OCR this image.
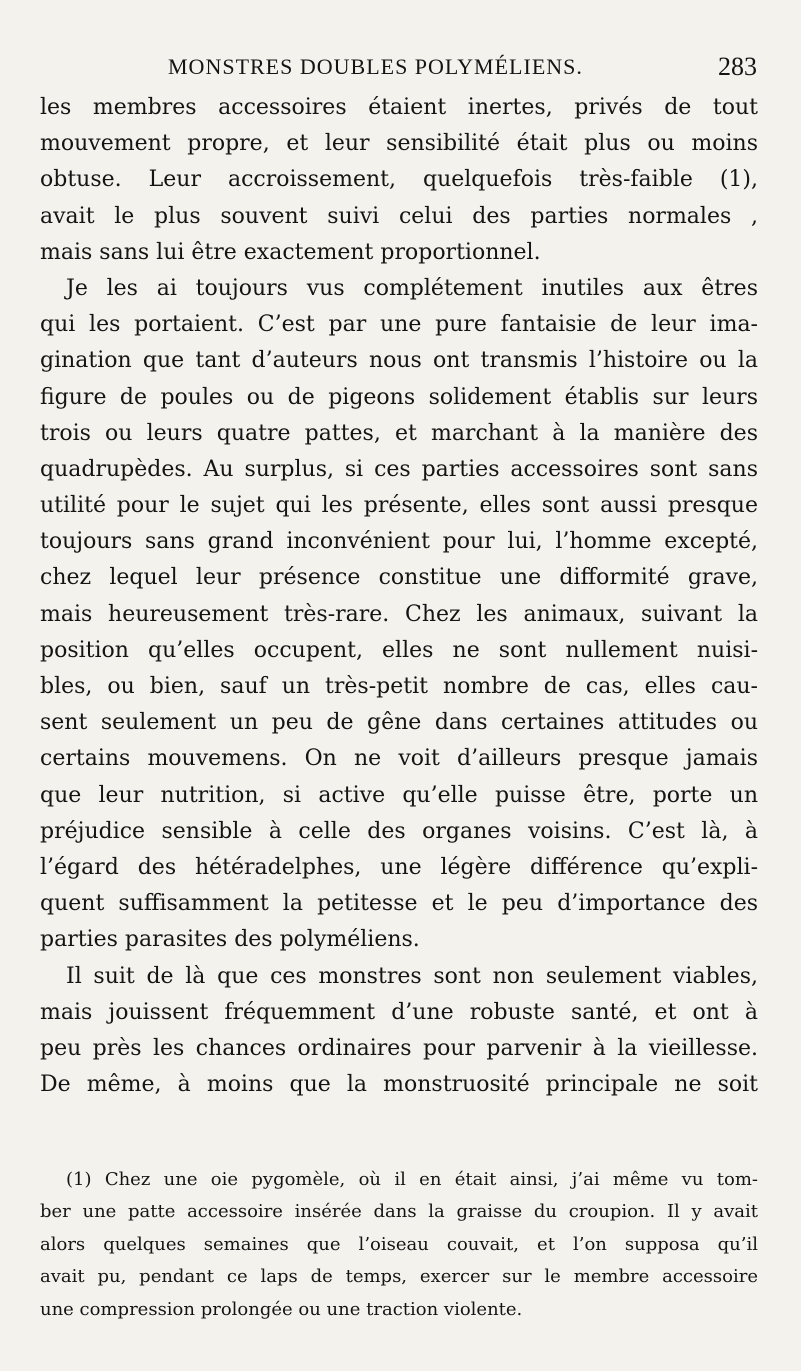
MONSTRES DOUBLES POLYMÉLIENS.	283
les membres accessoires étaient inertes, privés de tout
mouvement propre, et leur sensibilité était plus ou moins
obtuse. Leur accroissement, quelquefois très-faible (1),
avait le plus souvent suivi celui des parties normales ,
mais sans lui être exactement proportionnel.
Je les ai toujours vus complétement inutiles aux êtres
qui les portaient. C’est par une pure fantaisie de leur ima-
gination que tant d’auteurs nous ont transmis l’histoire ou la
figure de poules ou de pigeons solidement établis sur leurs
trois ou leurs quatre pattes, et marchant à la manière des
quadrupèdes. Au surplus, si ces parties accessoires sont sans
utilité pour le sujet qui les présente, elles sont aussi presque
toujours sans grand inconvénient pour lui, l’homme excepté,
chez lequel leur présence constitue une difformité grave,
mais heureusement très-rare. Chez les animaux, suivant la
position qu’elles occupent, elles ne sont nullement nuisi-
bles, ou bien, sauf un très-petit nombre de cas, elles cau-
sent seulement un peu de gêne dans certaines attitudes ou
certains mouvemens. On ne voit d’ailleurs presque jamais
que leur nutrition, si active qu’elle puisse être, porte un
préjudice sensible à celle des organes voisins. C’est là, à
l’égard des hétéradelphes, une légère différence qu’expli-
quent suffisamment la petitesse et le peu d’importance des
parties parasites des polyméliens.
Il suit de là que ces monstres sont non seulement viables,
mais jouissent fréquemment d’une robuste santé, et ont à
peu près les chances ordinaires pour parvenir à la vieillesse.
De même, à moins que la monstruosité principale ne soit
(1) Chez une oie pygomèle, où il en était ainsi, j’ai même vu tom-
ber une patte accessoire insérée dans la graisse du croupion. Il y avait
alors quelques semaines que l’oiseau couvait, et l’on supposa qu’il
avait pu, pendant ce laps de temps, exercer sur le membre accessoire
une compression prolongée ou une traction violente.
